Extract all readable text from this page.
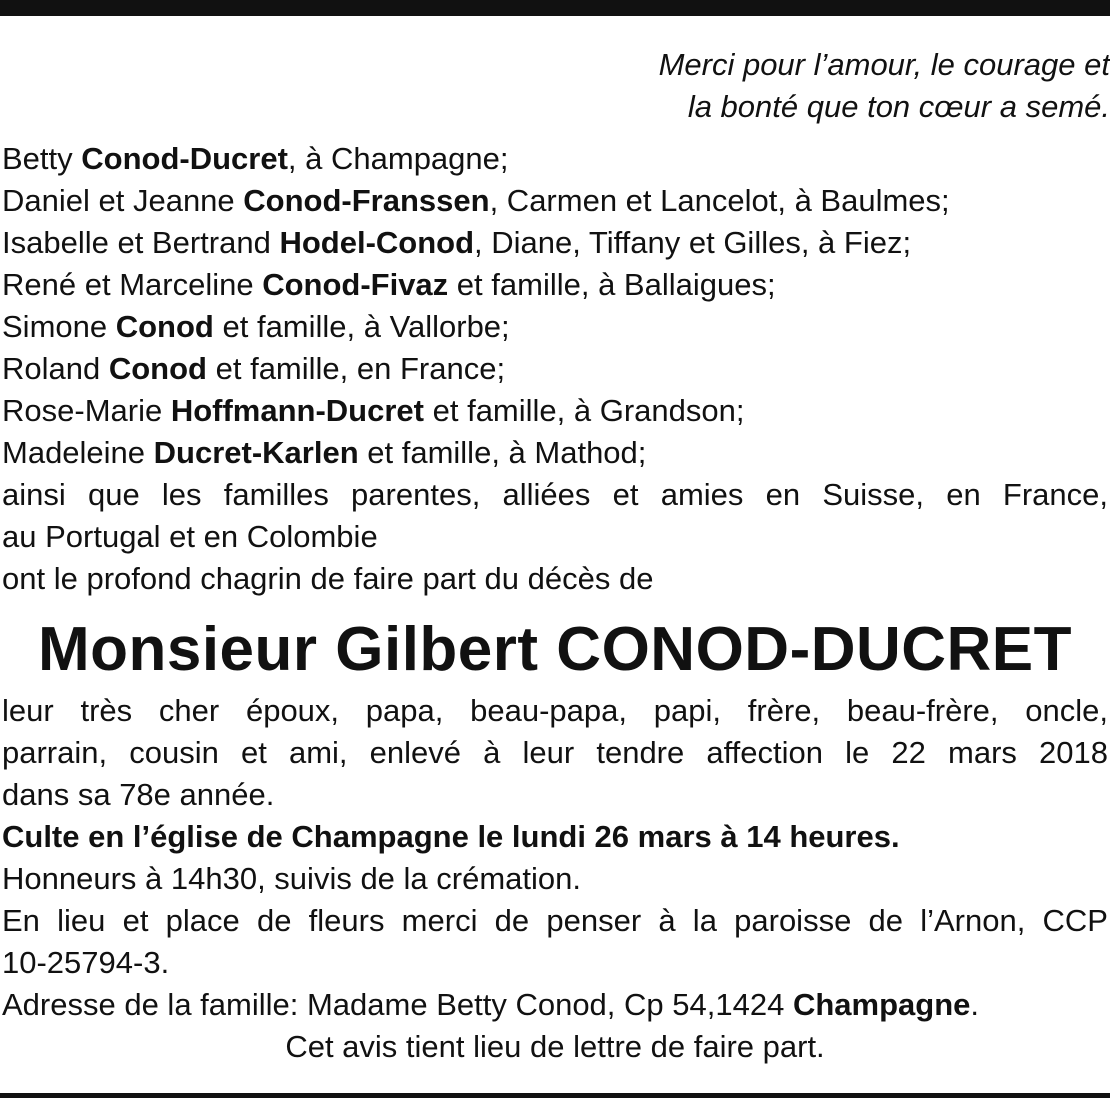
Merci pour l’amour, le courage et
la bonté que ton cœur a semé.
Betty Conod-Ducret, à Champagne;
Daniel et Jeanne Conod-Franssen, Carmen et Lancelot, à Baulmes;
Isabelle et Bertrand Hodel-Conod, Diane, Tiffany et Gilles, à Fiez;
René et Marceline Conod-Fivaz et famille, à Ballaigues;
Simone Conod et famille, à Vallorbe;
Roland Conod et famille, en France;
Rose-Marie Hoffmann-Ducret et famille, à Grandson;
Madeleine Ducret-Karlen et famille, à Mathod;
ainsi que les familles parentes, alliées et amies en Suisse, en France,
au Portugal et en Colombie
ont le profond chagrin de faire part du décès de
Monsieur Gilbert CONOD-DUCRET
leur très cher époux, papa, beau-papa, papi, frère, beau-frère, oncle,
parrain, cousin et ami, enlevé à leur tendre affection le 22 mars 2018
dans sa 78e année.
Culte en l’église de Champagne le lundi 26 mars à 14 heures.
Honneurs à 14h30, suivis de la crémation.
En lieu et place de fleurs merci de penser à la paroisse de l’Arnon, CCP
10-25794-3.
Adresse de la famille: Madame Betty Conod, Cp 54,1424 Champagne.
Cet avis tient lieu de lettre de faire part.
